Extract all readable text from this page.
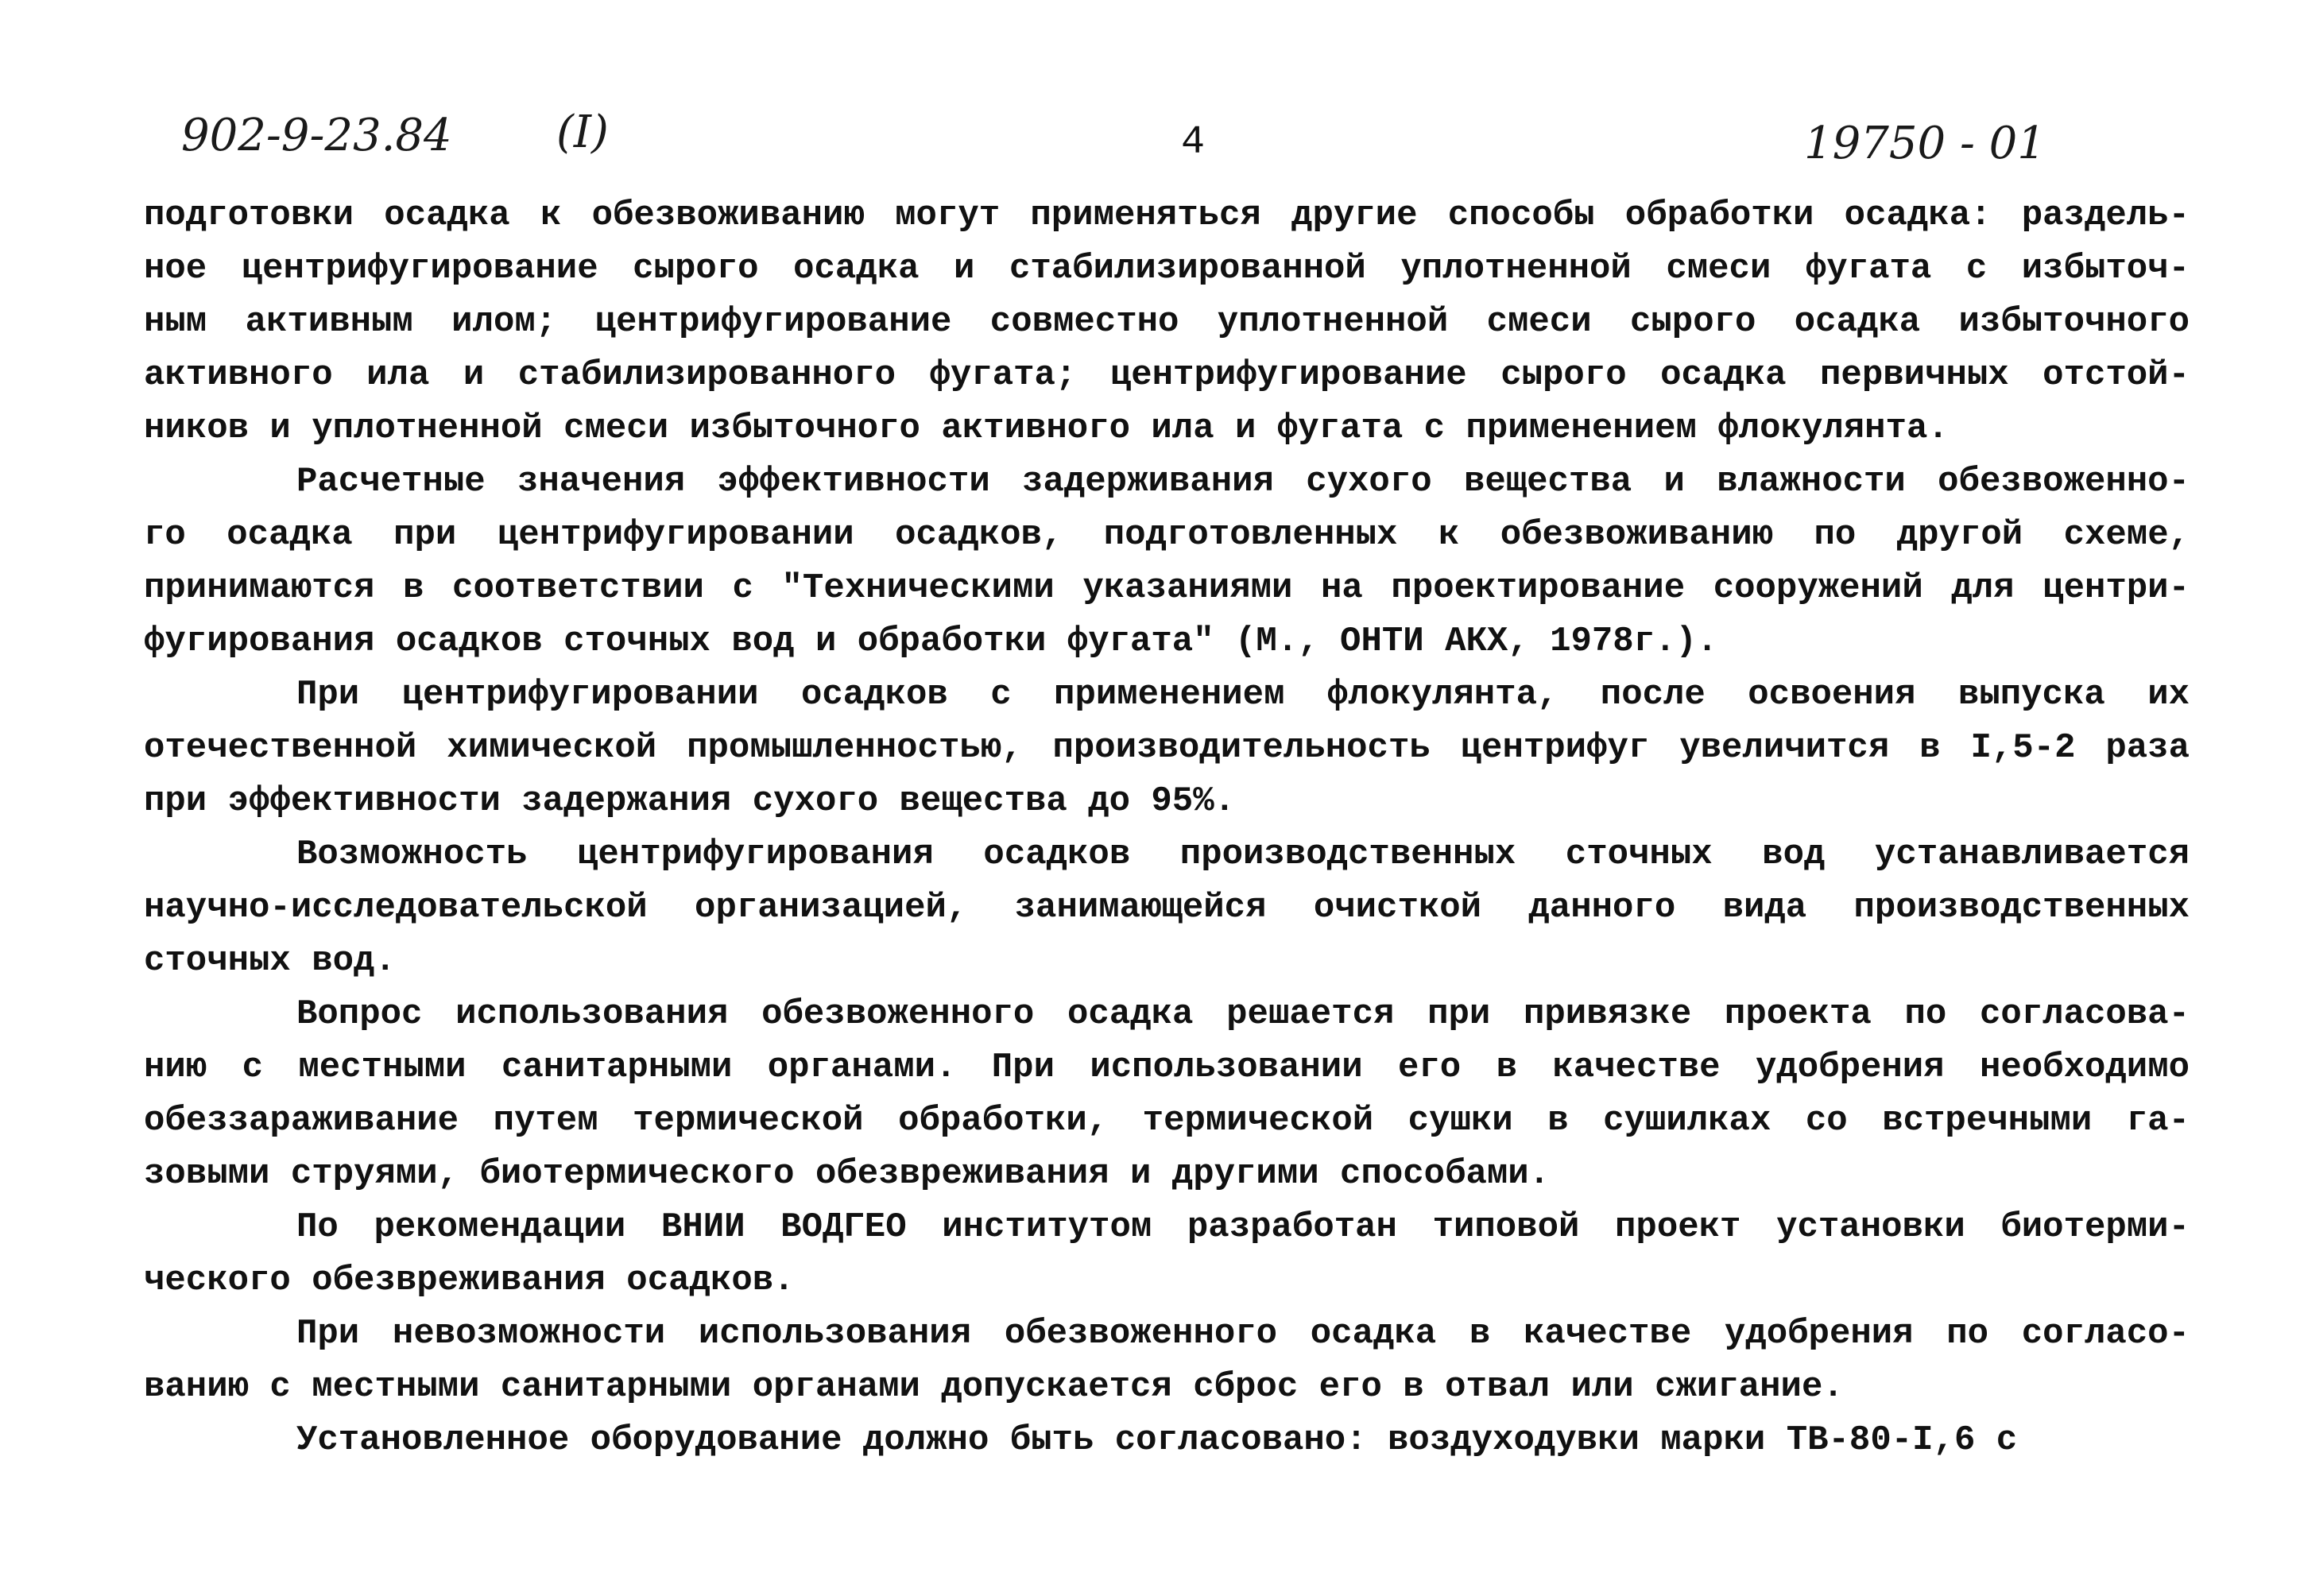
902-9-23.84 (I)	4	19750 - 01
подготовки осадка к обезвоживанию могут применяться другие способы обработки осадка: раздель-
ное центрифугирование сырого осадка и стабилизированной уплотненной смеси фугата с избыточ-
ным активным илом; центрифугирование совместно уплотненной смеси сырого осадка избыточного
активного ила и стабилизированного фугата; центрифугирование сырого осадка первичных отстой-
ников и уплотненной смеси избыточного активного ила и фугата с применением флокулянта.
Расчетные значения эффективности задерживания сухого вещества и влажности обезвоженно-
го осадка при центрифугировании осадков, подготовленных к обезвоживанию по другой схеме,
принимаются в соответствии с "Техническими указаниями на проектирование сооружений для центри-
фугирования осадков сточных вод и обработки фугата" (М., ОНТИ АКХ, 1978г.).
При центрифугировании осадков с применением флокулянта, после освоения выпуска их
отечественной химической промышленностью, производительность центрифуг увеличится в I,5-2 раза
при эффективности задержания сухого вещества до 95%.
Возможность центрифугирования осадков производственных сточных вод устанавливается
научно-исследовательской организацией, занимающейся очисткой данного вида производственных
сточных вод.
Вопрос использования обезвоженного осадка решается при привязке проекта по согласова-
нию с местными санитарными органами. При использовании его в качестве удобрения необходимо
обеззараживание путем термической обработки, термической сушки в сушилках со встречными га-
зовыми струями, биотермического обезвреживания и другими способами.
По рекомендации ВНИИ ВОДГЕО институтом разработан типовой проект установки биотерми-
ческого обезвреживания осадков.
При невозможности использования обезвоженного осадка в качестве удобрения по согласо-
ванию с местными санитарными органами допускается сброс его в отвал или сжигание.
Установленное оборудование должно быть согласовано: воздуходувки марки ТВ-80-I,6 с
